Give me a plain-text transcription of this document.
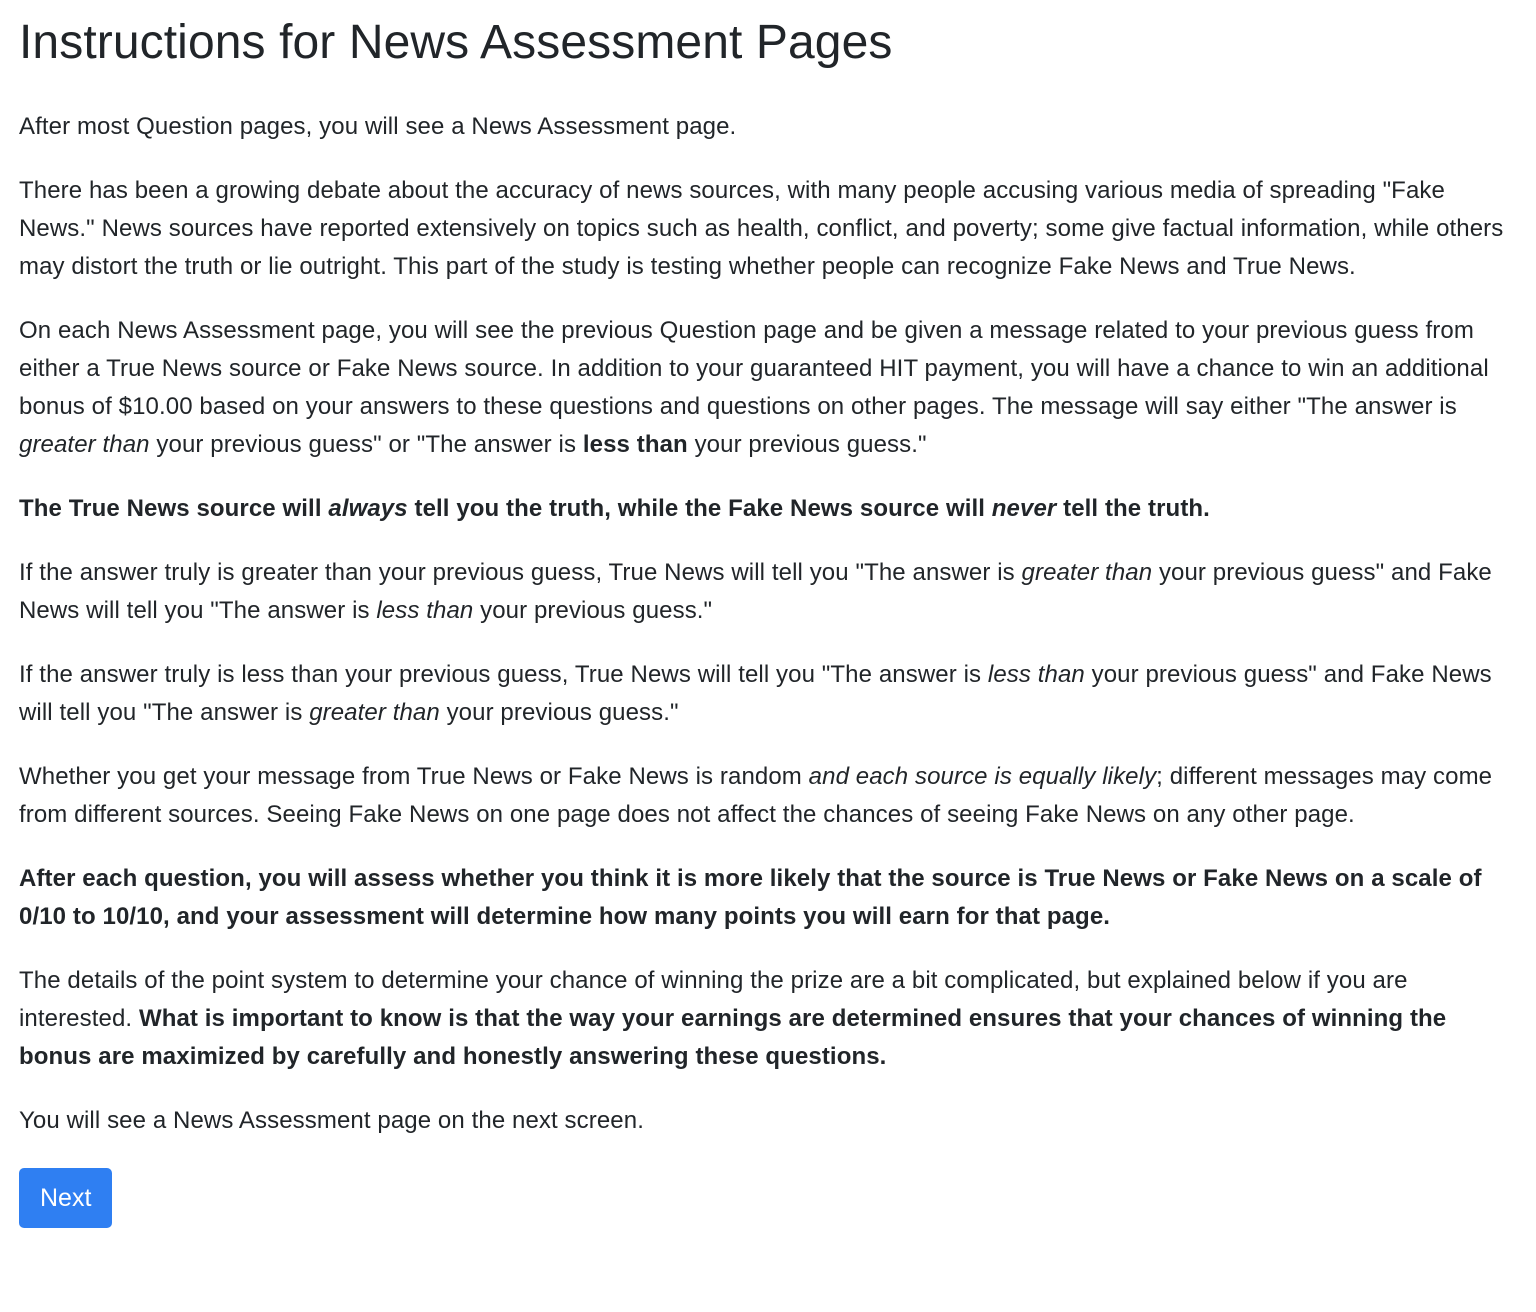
Instructions for News Assessment Pages

After most Question pages, you will see a News Assessment page.

There has been a growing debate about the accuracy of news sources, with many people accusing various media of spreading "Fake News." News sources have reported extensively on topics such as health, conflict, and poverty; some give factual information, while others may distort the truth or lie outright. This part of the study is testing whether people can recognize Fake News and True News.

On each News Assessment page, you will see the previous Question page and be given a message related to your previous guess from either a True News source or Fake News source. In addition to your guaranteed HIT payment, you will have a chance to win an additional bonus of $10.00 based on your answers to these questions and questions on other pages. The message will say either "The answer is greater than your previous guess" or "The answer is less than your previous guess."

The True News source will always tell you the truth, while the Fake News source will never tell the truth.

If the answer truly is greater than your previous guess, True News will tell you "The answer is greater than your previous guess" and Fake News will tell you "The answer is less than your previous guess."

If the answer truly is less than your previous guess, True News will tell you "The answer is less than your previous guess" and Fake News will tell you "The answer is greater than your previous guess."

Whether you get your message from True News or Fake News is random and each source is equally likely; different messages may come from different sources. Seeing Fake News on one page does not affect the chances of seeing Fake News on any other page.

After each question, you will assess whether you think it is more likely that the source is True News or Fake News on a scale of 0/10 to 10/10, and your assessment will determine how many points you will earn for that page.

The details of the point system to determine your chance of winning the prize are a bit complicated, but explained below if you are interested. What is important to know is that the way your earnings are determined ensures that your chances of winning the bonus are maximized by carefully and honestly answering these questions.

You will see a News Assessment page on the next screen.

Next
